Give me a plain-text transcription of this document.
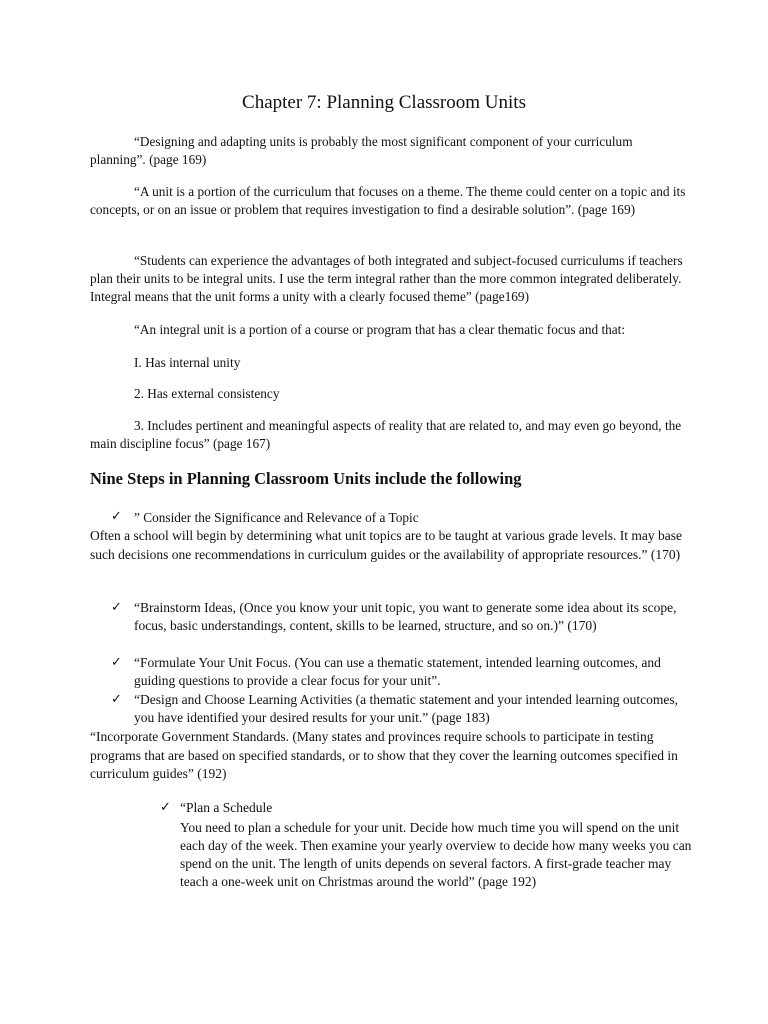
Chapter 7: Planning Classroom Units
“Designing and adapting units is probably the most significant component of your curriculum planning”. (page 169)
“A unit is a portion of the curriculum that focuses on a theme. The theme could center on a topic and its concepts, or on an issue or problem that requires investigation to find a desirable solution”. (page 169)
“Students can experience the advantages of both integrated and subject-focused curriculums if teachers plan their units to be integral units. I use the term integral rather than the more common integrated deliberately. Integral means that the unit forms a unity with a clearly focused theme” (page169)
“An integral unit is a portion of a course or program that has a clear thematic focus and that:
I. Has internal unity
2. Has external consistency
3. Includes pertinent and meaningful aspects of reality that are related to, and may even go beyond, the main discipline focus” (page 167)
Nine Steps in Planning Classroom Units include the following
✓ ” Consider the Significance and Relevance of a Topic
Often a school will begin by determining what unit topics are to be taught at various grade levels. It may base such decisions one recommendations in curriculum guides or the availability of appropriate resources.” (170)
✓ “Brainstorm Ideas, (Once you know your unit topic, you want to generate some idea about its scope, focus, basic understandings, content, skills to be learned, structure, and so on.)” (170)
✓ “Formulate Your Unit Focus. (You can use a thematic statement, intended learning outcomes, and guiding questions to provide a clear focus for your unit”.
✓ “Design and Choose Learning Activities (a thematic statement and your intended learning outcomes, you have identified your desired results for your unit.” (page 183)
“Incorporate Government Standards. (Many states and provinces require schools to participate in testing programs that are based on specified standards, or to show that they cover the learning outcomes specified in curriculum guides” (192)
✓ “Plan a Schedule
You need to plan a schedule for your unit. Decide how much time you will spend on the unit each day of the week. Then examine your yearly overview to decide how many weeks you can spend on the unit. The length of units depends on several factors. A first-grade teacher may teach a one-week unit on Christmas around the world” (page 192)
